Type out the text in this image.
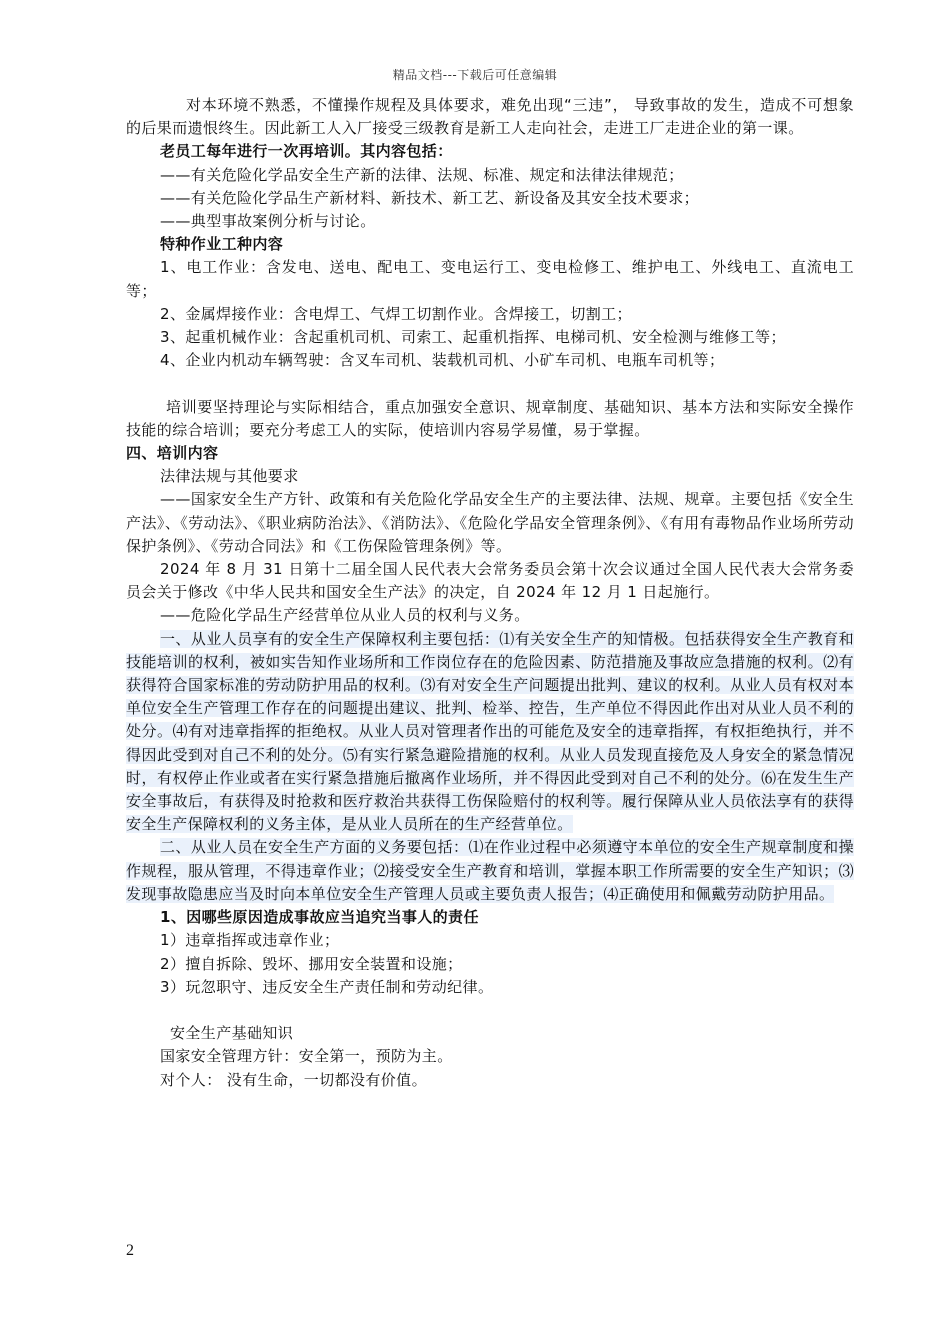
精品文档---下载后可任意编辑

对本环境不熟悉，不懂操作规程及具体要求，难免出现“三违”， 导致事故的发生，造成不可想象的后果而遗恨终生。因此新工人入厂接受三级教育是新工人走向社会，走进工厂走进企业的第一课。

老员工每年进行一次再培训。其内容包括：

——有关危险化学品安全生产新的法律、法规、标准、规定和法律法律规范；

——有关危险化学品生产新材料、新技术、新工艺、新设备及其安全技术要求；

——典型事故案例分析与讨论。

特种作业工种内容

1、电工作业：含发电、送电、配电工、变电运行工、变电检修工、维护电工、外线电工、直流电工等；

2、金属焊接作业：含电焊工、气焊工切割作业。含焊接工，切割工；

3、起重机械作业：含起重机司机、司索工、起重机指挥、电梯司机、安全检测与维修工等；

4、企业内机动车辆驾驶：含叉车司机、装载机司机、小矿车司机、电瓶车司机等；

培训要坚持理论与实际相结合，重点加强安全意识、规章制度、基础知识、基本方法和实际安全操作技能的综合培训；要充分考虑工人的实际，使培训内容易学易懂，易于掌握。

四、培训内容

法律法规与其他要求

——国家安全生产方针、政策和有关危险化学品安全生产的主要法律、法规、规章。主要包括《安全生产法》、《劳动法》、《职业病防治法》、《消防法》、《危险化学品安全管理条例》、《有用有毒物品作业场所劳动保护条例》、《劳动合同法》和《工伤保险管理条例》等。

2024 年 8 月 31 日第十二届全国人民代表大会常务委员会第十次会议通过全国人民代表大会常务委员会关于修改《中华人民共和国安全生产法》的决定，自 2024 年 12 月 1 日起施行。

——危险化学品生产经营单位从业人员的权利与义务。

一、从业人员享有的安全生产保障权利主要包括：⑴有关安全生产的知情极。包括获得安全生产教育和技能培训的权利，被如实告知作业场所和工作岗位存在的危险因素、防范措施及事故应急措施的权利。⑵有获得符合国家标准的劳动防护用品的权利。⑶有对安全生产问题提出批判、建议的权利。从业人员有权对本单位安全生产管理工作存在的问题提出建议、批判、检举、控告，生产单位不得因此作出对从业人员不利的处分。⑷有对违章指挥的拒绝权。从业人员对管理者作出的可能危及安全的违章指挥，有权拒绝执行，并不得因此受到对自己不利的处分。⑸有实行紧急避险措施的权利。从业人员发现直接危及人身安全的紧急情况时，有权停止作业或者在实行紧急措施后撤离作业场所，并不得因此受到对自己不利的处分。⑹在发生生产安全事故后，有获得及时抢救和医疗救治共获得工伤保险赔付的权利等。履行保障从业人员依法享有的获得安全生产保障权利的义务主体，是从业人员所在的生产经营单位。

二、从业人员在安全生产方面的义务要包括：⑴在作业过程中必须遵守本单位的安全生产规章制度和操作规程，服从管理，不得违章作业；⑵接受安全生产教育和培训，掌握本职工作所需要的安全生产知识；⑶发现事故隐患应当及时向本单位安全生产管理人员或主要负责人报告；⑷正确使用和佩戴劳动防护用品。

1、因哪些原因造成事故应当追究当事人的责任

1）违章指挥或违章作业；

2）擅自拆除、毁坏、挪用安全装置和设施；

3）玩忽职守、违反安全生产责任制和劳动纪律。

安全生产基础知识

国家安全管理方针：安全第一，预防为主。

对个人： 没有生命，一切都没有价值。

2
